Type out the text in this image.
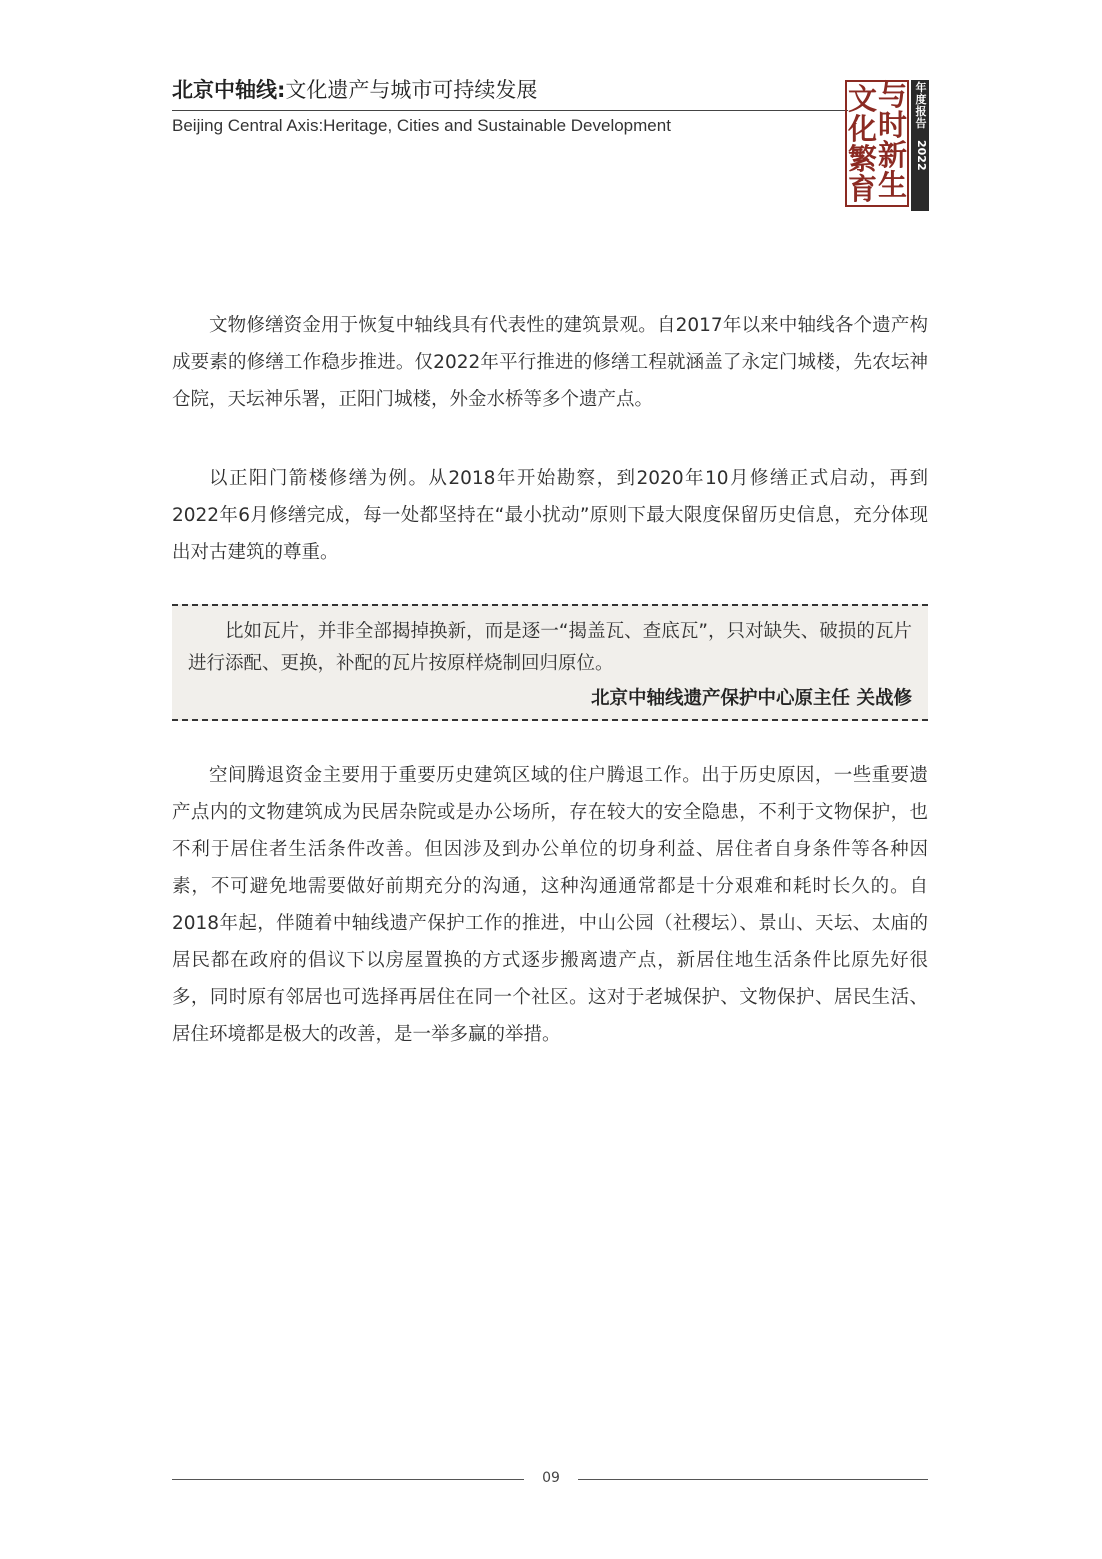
北京中轴线:文化遗产与城市可持续发展
Beijing Central Axis:Heritage, Cities and Sustainable Development
文
化
繁
育
与
时
新
生
年度报告
2022

文物修缮资金用于恢复中轴线具有代表性的建筑景观。自2017年以来中轴线各个遗产构成要素的修缮工作稳步推进。仅2022年平行推进的修缮工程就涵盖了永定门城楼，先农坛神仓院，天坛神乐署，正阳门城楼，外金水桥等多个遗产点。

以正阳门箭楼修缮为例。从2018年开始勘察，到2020年10月修缮正式启动，再到2022年6月修缮完成，每一处都坚持在“最小扰动”原则下最大限度保留历史信息，充分体现出对古建筑的尊重。

比如瓦片，并非全部揭掉换新，而是逐一“揭盖瓦、查底瓦”，只对缺失、破损的瓦片进行添配、更换，补配的瓦片按原样烧制回归原位。

北京中轴线遗产保护中心原主任 关战修

空间腾退资金主要用于重要历史建筑区域的住户腾退工作。出于历史原因，一些重要遗产点内的文物建筑成为民居杂院或是办公场所，存在较大的安全隐患，不利于文物保护，也不利于居住者生活条件改善。但因涉及到办公单位的切身利益、居住者自身条件等各种因素，不可避免地需要做好前期充分的沟通，这种沟通通常都是十分艰难和耗时长久的。自2018年起，伴随着中轴线遗产保护工作的推进，中山公园（社稷坛）、景山、天坛、太庙的居民都在政府的倡议下以房屋置换的方式逐步搬离遗产点，新居住地生活条件比原先好很多，同时原有邻居也可选择再居住在同一个社区。这对于老城保护、文物保护、居民生活、居住环境都是极大的改善，是一举多赢的举措。

09
